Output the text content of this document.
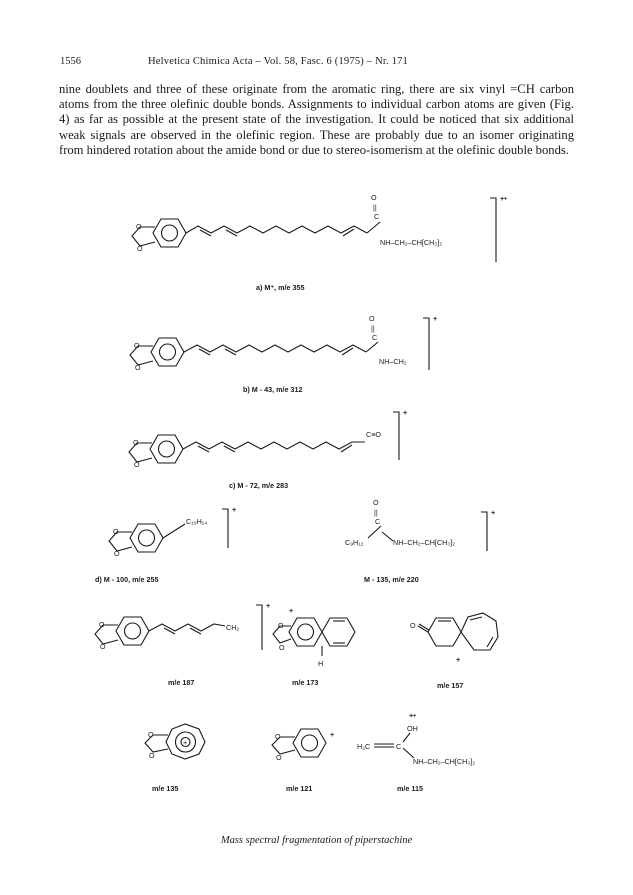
1556	Helvetica Chimica Acta – Vol. 58, Fasc. 6 (1975) – Nr. 171

nine doublets and three of these originate from the aromatic ring, there are six vinyl =CH carbon atoms from the three olefinic double bonds. Assignments to individual carbon atoms are given (Fig. 4) as far as possible at the present state of the investigation. It could be noticed that six additional weak signals are observed in the olefinic region. These are probably due to an isomer originating from hindered rotation about the amide bond or due to stereo-isomerism at the olefinic double bonds.

O
O
C
||
O
NH–CH₂–CH[CH₃]₂
+•
a) M⁺, m/e 355
O
O
C
||
O
NH–CH₂
+
b) M - 43, m/e 312
O
O
C≡O
+
c) M - 72, m/e 283
O
O
C₁₀H₁₄
+
d) M - 100, m/e 255
C₉H₁₂
C
||
O
NH–CH₂–CH[CH₃]₂
+
M - 135, m/e 220
O
O
CH₂
+
m/e 187
O
O
+
H
m/e 173
O
+
m/e 157
+
O
O
m/e 135
O
O
+
m/e 121
+•
OH
H₂C	C
NH–CH₂–CH[CH₃]₂
m/e 115
Mass spectral fragmentation of piperstachine
